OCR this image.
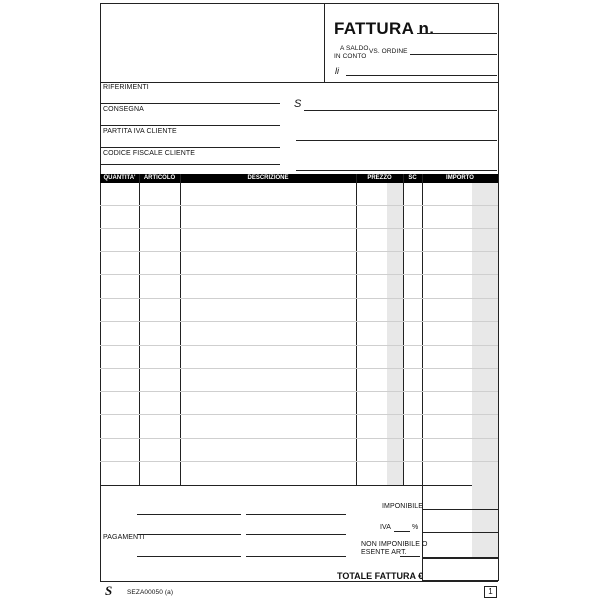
FATTURA n.
A SALDO
IN CONTO
VS. ORDINE
li
RIFERIMENTI
CONSEGNA
PARTITA IVA CLIENTE
CODICE FISCALE CLIENTE
S
QUANTITA'	ARTICOLO	DESCRIZIONE	PREZZO	SC	IMPORTO
IMPONIBILE
IVA	%
NON IMPONIBILE O
ESENTE ART.
TOTALE FATTURA €
PAGAMENTI
S SEZA00050 (a)	1
